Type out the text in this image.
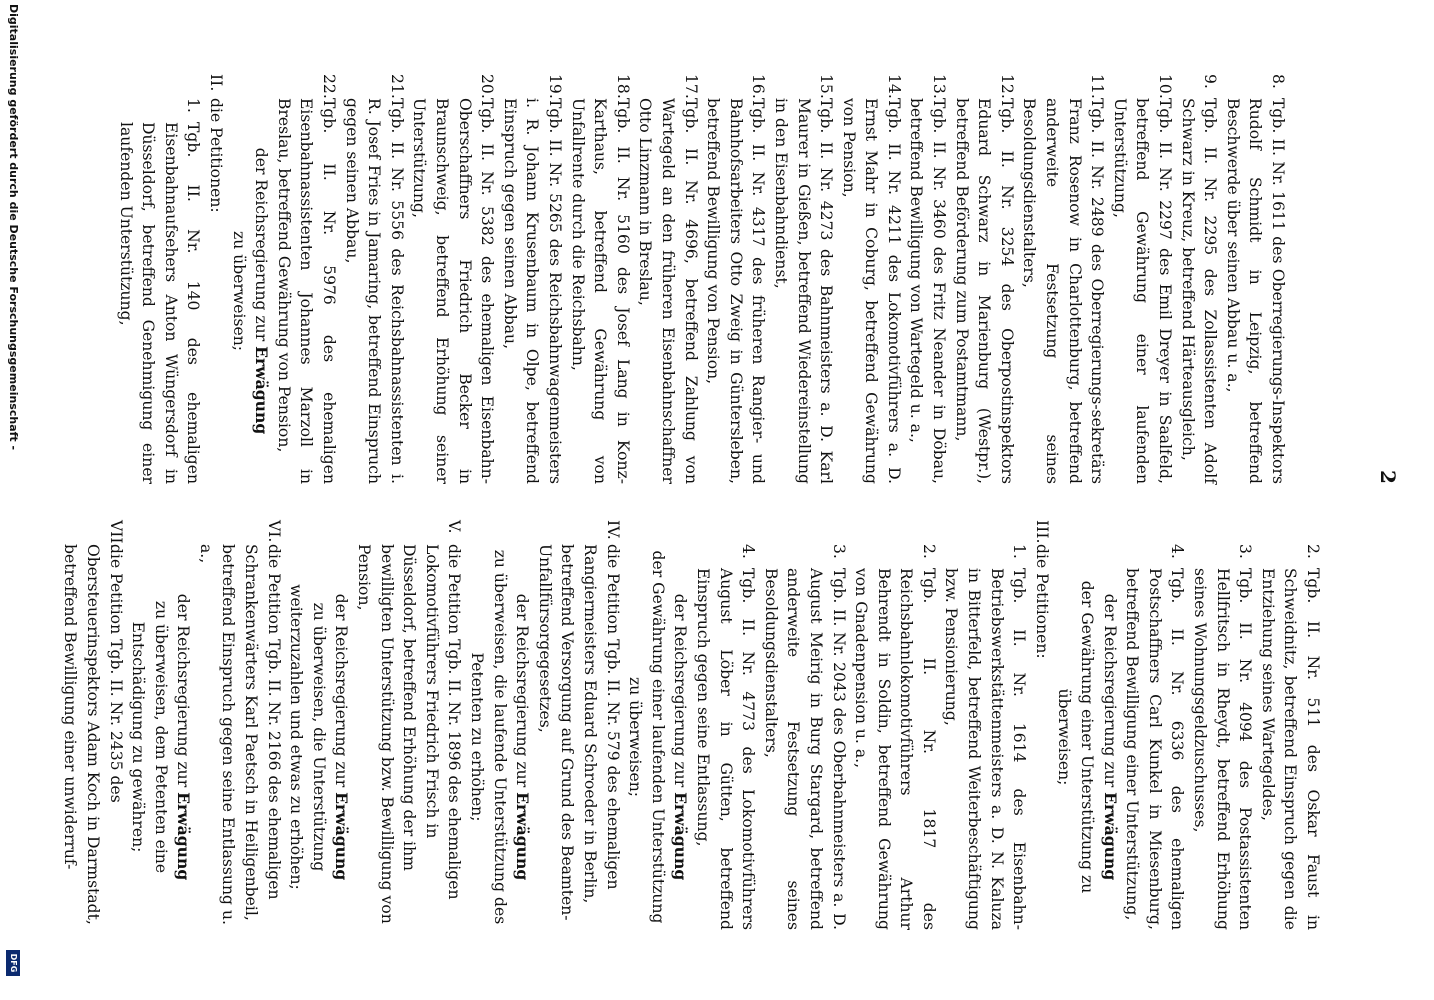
2
8.
Tgb. II. Nr. 1611 des Oberregierungs-Inspektors Rudolf Schmidt in Leipzig, betreffend Beschwerde über seinen Abbau u. a.,
9.
Tgb. II. Nr. 2295 des Zollassistenten Adolf Schwarz in Kreuz, betreffend Härteausgleich,
10.
Tgb. II. Nr. 2297 des Emil Dreyer in Saalfeld, betreffend Gewährung einer laufenden Unterstützung,
11.
Tgb. II. Nr. 2489 des Oberregierungs-sekretärs Franz Rosenow in Charlottenburg, betreffend anderweite Festsetzung seines Besoldungsdienstalters,
12.
Tgb. II. Nr. 3254 des Oberpostinspektors Eduard Schwarz in Marienburg (Westpr.), betreffend Beförderung zum Postamtmann,
13.
Tgb. II. Nr. 3460 des Fritz Neander in Döbau, betreffend Bewilligung von Wartegeld u. a.,
14.
Tgb. II. Nr. 4211 des Lokomotivführers a. D. Ernst Mahr in Coburg, betreffend Gewährung von Pension,
15.
Tgb. II. Nr. 4273 des Bahnmeisters a. D. Karl Maurer in Gießen, betreffend Wiedereinstellung in den Eisenbahndienst,
16.
Tgb. II. Nr. 4317 des früheren Rangier- und Bahnhofsarbeiters Otto Zweig in Güntersleben, betreffend Bewilligung von Pension,
17.
Tgb. II. Nr. 4696, betreffend Zahlung von Wartegeld an den früheren Eisenbahnschaffner Otto Linzmann in Breslau,
18.
Tgb. II. Nr. 5160 des Josef Lang in Konz-Karthaus, betreffend Gewährung von Unfallrente durch die Reichsbahn,
19.
Tgb. II. Nr. 5265 des Reichsbahnwagenmeisters i. R. Johann Krusenbaum in Olpe, betreffend Einspruch gegen seinen Abbau,
20.
Tgb. II. Nr. 5382 des ehemaligen Eisenbahn-Oberschaffners Friedrich Becker in Braunschweig, betreffend Erhöhung seiner Unterstützung,
21.
Tgb. II. Nr. 5556 des Reichsbahnassistenten i. R. Josef Fries in Jamaring, betreffend Einspruch gegen seinen Abbau,
22.
Tgb. II. Nr. 5976 des ehemaligen Eisenbahnassistenten Johannes Marzoll in Breslau, betreffend Gewährung von Pension,
der Reichsregierung zur Erwägung
zu überweisen;
II.
die Petitionen:
1.
Tgb. II. Nr. 140 des ehemaligen Eisenbahnaufsehers Anton Wüngersdorf in Düsseldorf, betreffend Genehmigung einer laufenden Unterstützung,
2.
Tgb. II. Nr. 511 des Oskar Faust in Schweidnitz, betreffend Einspruch gegen die Entziehung seines Wartegeldes,
3.
Tgb. II. Nr. 4094 des Postassistenten Hellfritsch in Rheydt, betreffend Erhöhung seines Wohnungsgeldzuschusses,
4.
Tgb. II. Nr. 6336 des ehemaligen Postschaffners Carl Kunkel in Miesenburg, betreffend Bewilligung einer Unterstützung,
der Reichsregierung zur Erwägung
der Gewährung einer Unterstützung zu überweisen;
III.
die Petitionen:
1.
Tgb. II. Nr. 1614 des Eisenbahn-Betriebswerkstättenmeisters a. D. N. Kaluza in Bitterfeld, betreffend Weiterbeschäftigung bzw. Pensionierung,
2.
Tgb. II. Nr. 1817 des Reichsbahnlokomotivführers Arthur Behrendt in Soldin, betreffend Gewährung von Gnadenpension u. a.,
3.
Tgb. II. Nr. 2043 des Oberbahnmeisters a. D. August Meirig in Burg Stargard, betreffend anderweite Festsetzung seines Besoldungsdienstalters,
4.
Tgb. II. Nr. 4773 des Lokomotivführers August Löber in Gütten, betreffend Einspruch gegen seine Entlassung,
der Reichsregierung zur Erwägung
der Gewährung einer laufenden Unterstützung zu überweisen;
IV.
die Petition Tgb. II. Nr. 579 des ehemaligen Rangiermeisters Eduard Schroeder in Berlin, betreffend Versorgung auf Grund des Beamten-Unfallfürsorgegesetzes,
der Reichsregierung zur Erwägung
zu überweisen, die laufende Unterstützung des Petenten zu erhöhen;
V.
die Petition Tgb. II. Nr. 1896 des ehemaligen Lokomotivführers Friedrich Frisch in Düsseldorf, betreffend Erhöhung der ihm bewilligten Unterstützung bzw. Bewilligung von Pension,
der Reichsregierung zur Erwägung
zu überweisen, die Unterstützung weiterzuzahlen und etwas zu erhöhen;
VI.
die Petition Tgb. II. Nr. 2166 des ehemaligen Schrankenwärters Karl Paetsch in Heiligenbeil, betreffend Einspruch gegen seine Entlassung u. a.,
der Reichsregierung zur Erwägung
zu überweisen, dem Petenten eine Entschädigung zu gewähren;
VII.
die Petition Tgb. II. Nr. 2435 des Obersteuerinspektors Adam Koch in Darmstadt, betreffend Bewilligung einer unwiderruf-
Digitalisierung gefördert durch die Deutsche Forschungsgemeinschaft -
DFG
